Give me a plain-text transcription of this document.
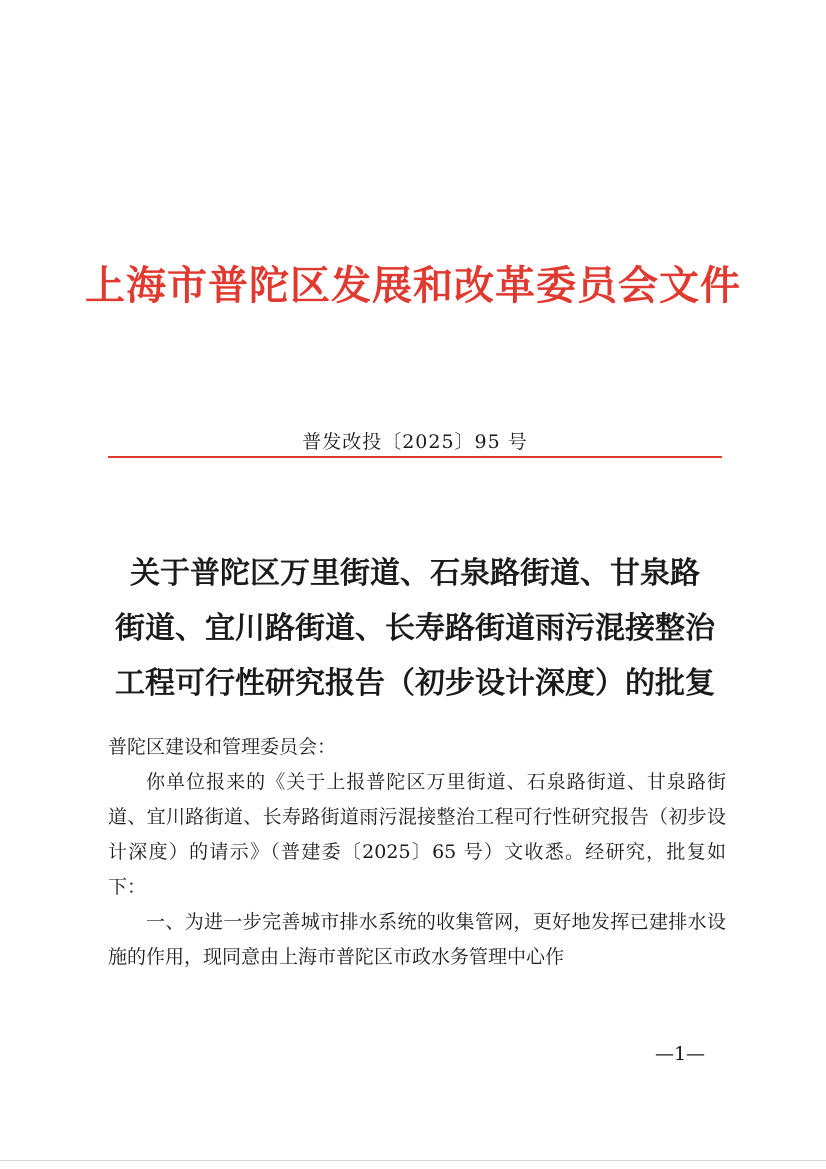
上海市普陀区发展和改革委员会文件
普发改投〔2025〕95 号
关于普陀区万里街道、石泉路街道、甘泉路
街道、宜川路街道、长寿路街道雨污混接整治
工程可行性研究报告（初步设计深度）的批复

普陀区建设和管理委员会：

你单位报来的《关于上报普陀区万里街道、石泉路街道、甘泉路街道、宜川路街道、长寿路街道雨污混接整治工程可行性研究报告（初步设计深度）的请示》（普建委〔2025〕65 号）文收悉。经研究，批复如下：

一、为进一步完善城市排水系统的收集管网，更好地发挥已建排水设施的作用，现同意由上海市普陀区市政水务管理中心作

—1—
